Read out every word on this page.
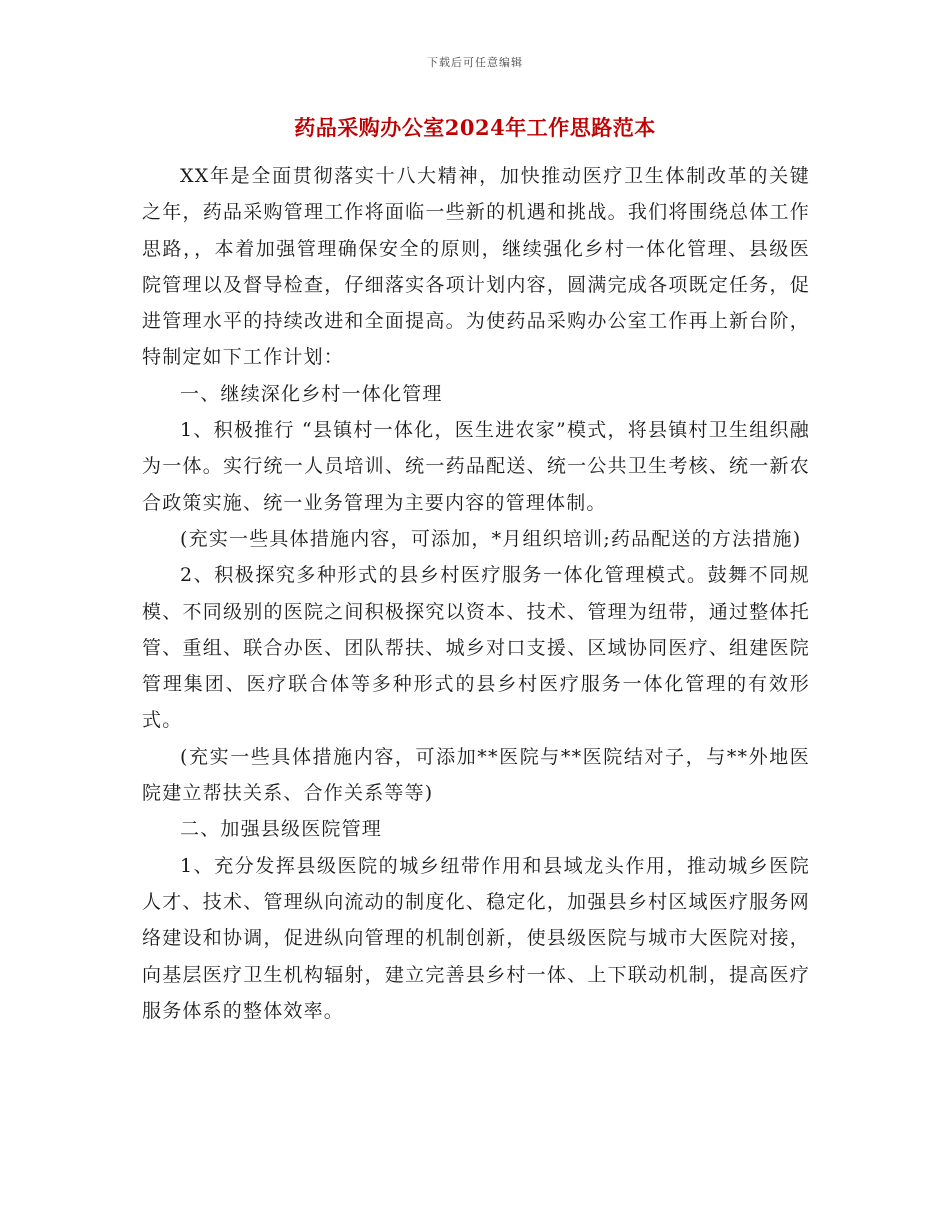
下载后可任意编辑
药品采购办公室2024年工作思路范本

XX年是全面贯彻落实十八大精神，加快推动医疗卫生体制改革的关键之年，药品采购管理工作将面临一些新的机遇和挑战。我们将围绕总体工作思路，，本着加强管理确保安全的原则，继续强化乡村一体化管理、县级医院管理以及督导检查，仔细落实各项计划内容，圆满完成各项既定任务，促进管理水平的持续改进和全面提高。为使药品采购办公室工作再上新台阶，特制定如下工作计划：

一、继续深化乡村一体化管理

1、积极推行 “县镇村一体化，医生进农家”模式，将县镇村卫生组织融为一体。实行统一人员培训、统一药品配送、统一公共卫生考核、统一新农合政策实施、统一业务管理为主要内容的管理体制。

(充实一些具体措施内容，可添加，*月组织培训;药品配送的方法措施)

2、积极探究多种形式的县乡村医疗服务一体化管理模式。鼓舞不同规模、不同级别的医院之间积极探究以资本、技术、管理为纽带，通过整体托管、重组、联合办医、团队帮扶、城乡对口支援、区域协同医疗、组建医院管理集团、医疗联合体等多种形式的县乡村医疗服务一体化管理的有效形式。

(充实一些具体措施内容，可添加**医院与**医院结对子，与**外地医院建立帮扶关系、合作关系等等)

二、加强县级医院管理

1、充分发挥县级医院的城乡纽带作用和县域龙头作用，推动城乡医院人才、技术、管理纵向流动的制度化、稳定化，加强县乡村区域医疗服务网络建设和协调，促进纵向管理的机制创新，使县级医院与城市大医院对接，向基层医疗卫生机构辐射，建立完善县乡村一体、上下联动机制，提高医疗服务体系的整体效率。
